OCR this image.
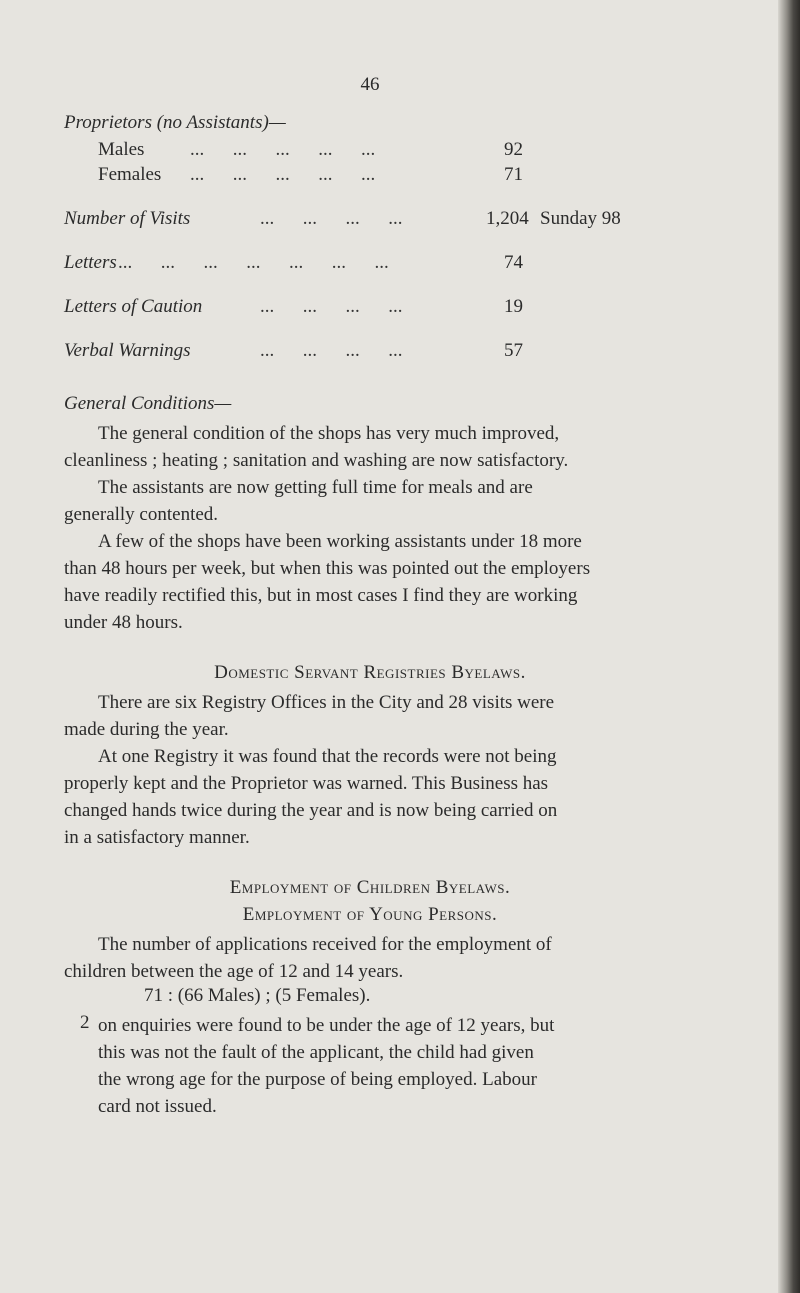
46
Proprietors (no Assistants)—
Males ... ... ... ... ...	92
Females ... ... ... ... ...	71
Number of Visits	... ... ... ...	1,204 Sunday 98
Letters ... ... ... ... ... ... ...	74
Letters of Caution	... ... ... ...	19
Verbal Warnings	... ... ... ...	57
General Conditions—
The general condition of the shops has very much improved,
cleanliness ; heating ; sanitation and washing are now satisfactory.
The assistants are now getting full time for meals and are
generally contented.
A few of the shops have been working assistants under 18 more
than 48 hours per week, but when this was pointed out the employers
have readily rectified this, but in most cases I find they are working
under 48 hours.
Domestic Servant Registries Byelaws.
There are six Registry Offices in the City and 28 visits were
made during the year.
At one Registry it was found that the records were not being
properly kept and the Proprietor was warned. This Business has
changed hands twice during the year and is now being carried on
in a satisfactory manner.
Employment of Children Byelaws.
Employment of Young Persons.
The number of applications received for the employment of
children between the age of 12 and 14 years.
71 : (66 Males) ; (5 Females).
2 on enquiries were found to be under the age of 12 years, but
this was not the fault of the applicant, the child had given
the wrong age for the purpose of being employed. Labour
card not issued.
